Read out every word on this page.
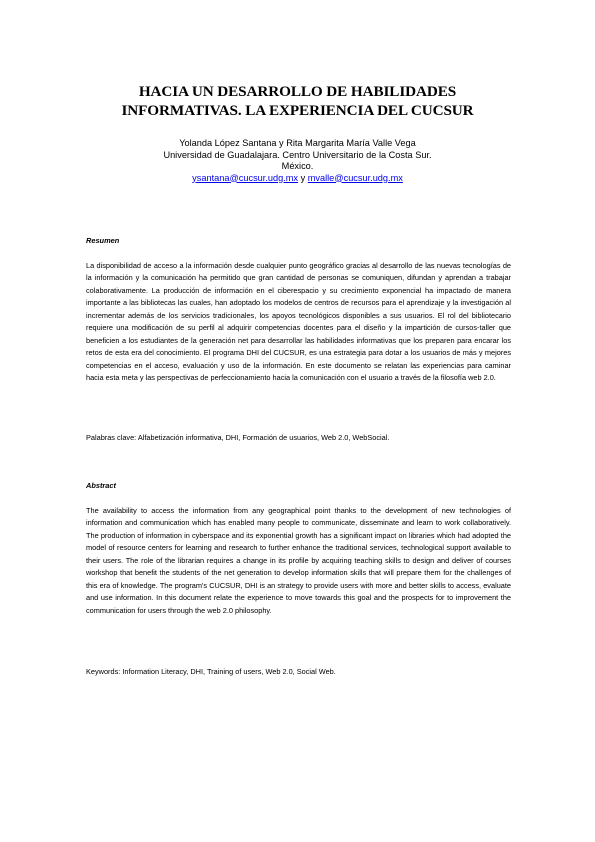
HACIA UN DESARROLLO DE HABILIDADES
INFORMATIVAS. LA EXPERIENCIA DEL CUCSUR
Yolanda López Santana y Rita Margarita María Valle Vega
Universidad de Guadalajara. Centro Universitario de la Costa Sur.
México.
ysantana@cucsur.udg.mx y mvalle@cucsur.udg.mx
Resumen
La disponibilidad de acceso a la información desde cualquier punto geográfico gracias al desarrollo de las nuevas tecnologías de la información y la comunicación ha permitido que gran cantidad de personas se comuniquen, difundan y aprendan a trabajar colaborativamente. La producción de información en el ciberespacio y su crecimiento exponencial ha impactado de manera importante a las bibliotecas las cuales, han adoptado los modelos de centros de recursos para el aprendizaje y la investigación al incrementar además de los servicios tradicionales, los apoyos tecnológicos disponibles a sus usuarios. El rol del bibliotecario requiere una modificación de su perfil al adquirir competencias docentes para el diseño y la impartición de cursos-taller que beneficien a los estudiantes de la generación net para desarrollar las habilidades informativas que los preparen para encarar los retos de esta era del conocimiento. El programa DHI del CUCSUR, es una estrategia para dotar a los usuarios de más y mejores competencias en el acceso, evaluación y uso de la información. En este documento se relatan las experiencias para caminar hacia esta meta y las perspectivas de perfeccionamiento hacia la comunicación con el usuario a través de la filosofía web 2.0.
Palabras clave: Alfabetización informativa, DHI, Formación de usuarios, Web 2.0, WebSocial.
Abstract
The availability to access the information from any geographical point thanks to the development of new technologies of information and communication which has enabled many people to communicate, disseminate and learn to work collaboratively. The production of information in cyberspace and its exponential growth has a significant impact on libraries which had adopted the model of resource centers for learning and research to further enhance the traditional services, technological support available to their users. The role of the librarian requires a change in its profile by acquiring teaching skills to design and deliver of courses workshop that benefit the students of the net generation to develop information skills that will prepare them for the challenges of this era of knowledge. The program's CUCSUR, DHI is an strategy to provide users with more and better skills to access, evaluate and use information. In this document relate the experience to move towards this goal and the prospects for to improvement the communication for users through the web 2.0 philosophy.
Keywords: Information Literacy, DHI, Training of users, Web 2.0, Social Web.
